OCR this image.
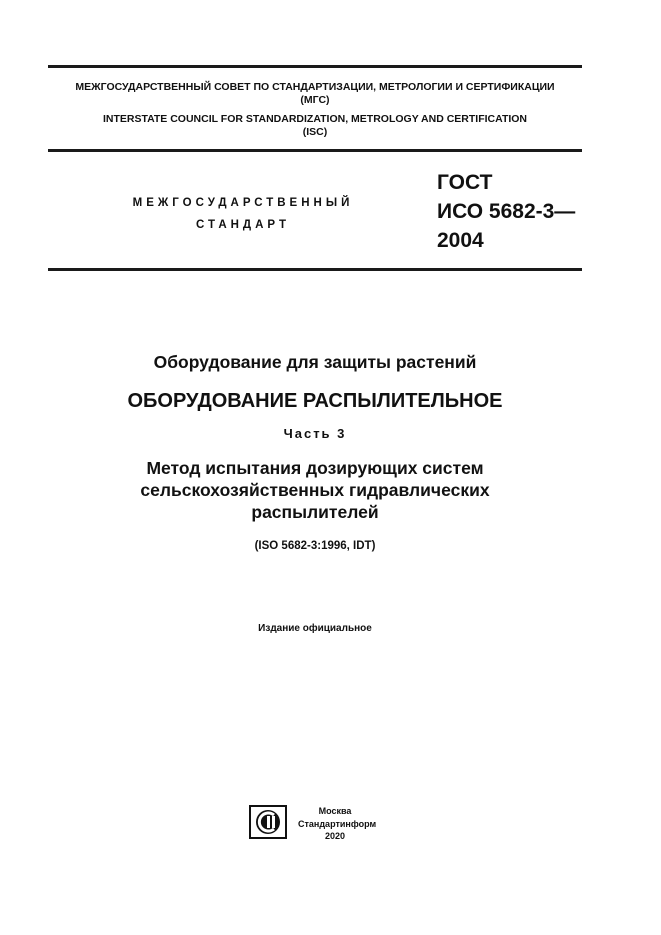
МЕЖГОСУДАРСТВЕННЫЙ СОВЕТ ПО СТАНДАРТИЗАЦИИ, МЕТРОЛОГИИ И СЕРТИФИКАЦИИ
(МГС)
INTERSTATE COUNCIL FOR STANDARDIZATION, METROLOGY AND CERTIFICATION
(ISC)
МЕЖГОСУДАРСТВЕННЫЙ
СТАНДАРТ
ГОСТ
ИСО 5682-3—
2004
Оборудование для защиты растений
ОБОРУДОВАНИЕ РАСПЫЛИТЕЛЬНОЕ
Часть 3
Метод испытания дозирующих систем
сельскохозяйственных гидравлических
распылителей
(ISO 5682-3:1996, IDT)
Издание официальное
Москва
Стандартинформ
2020
